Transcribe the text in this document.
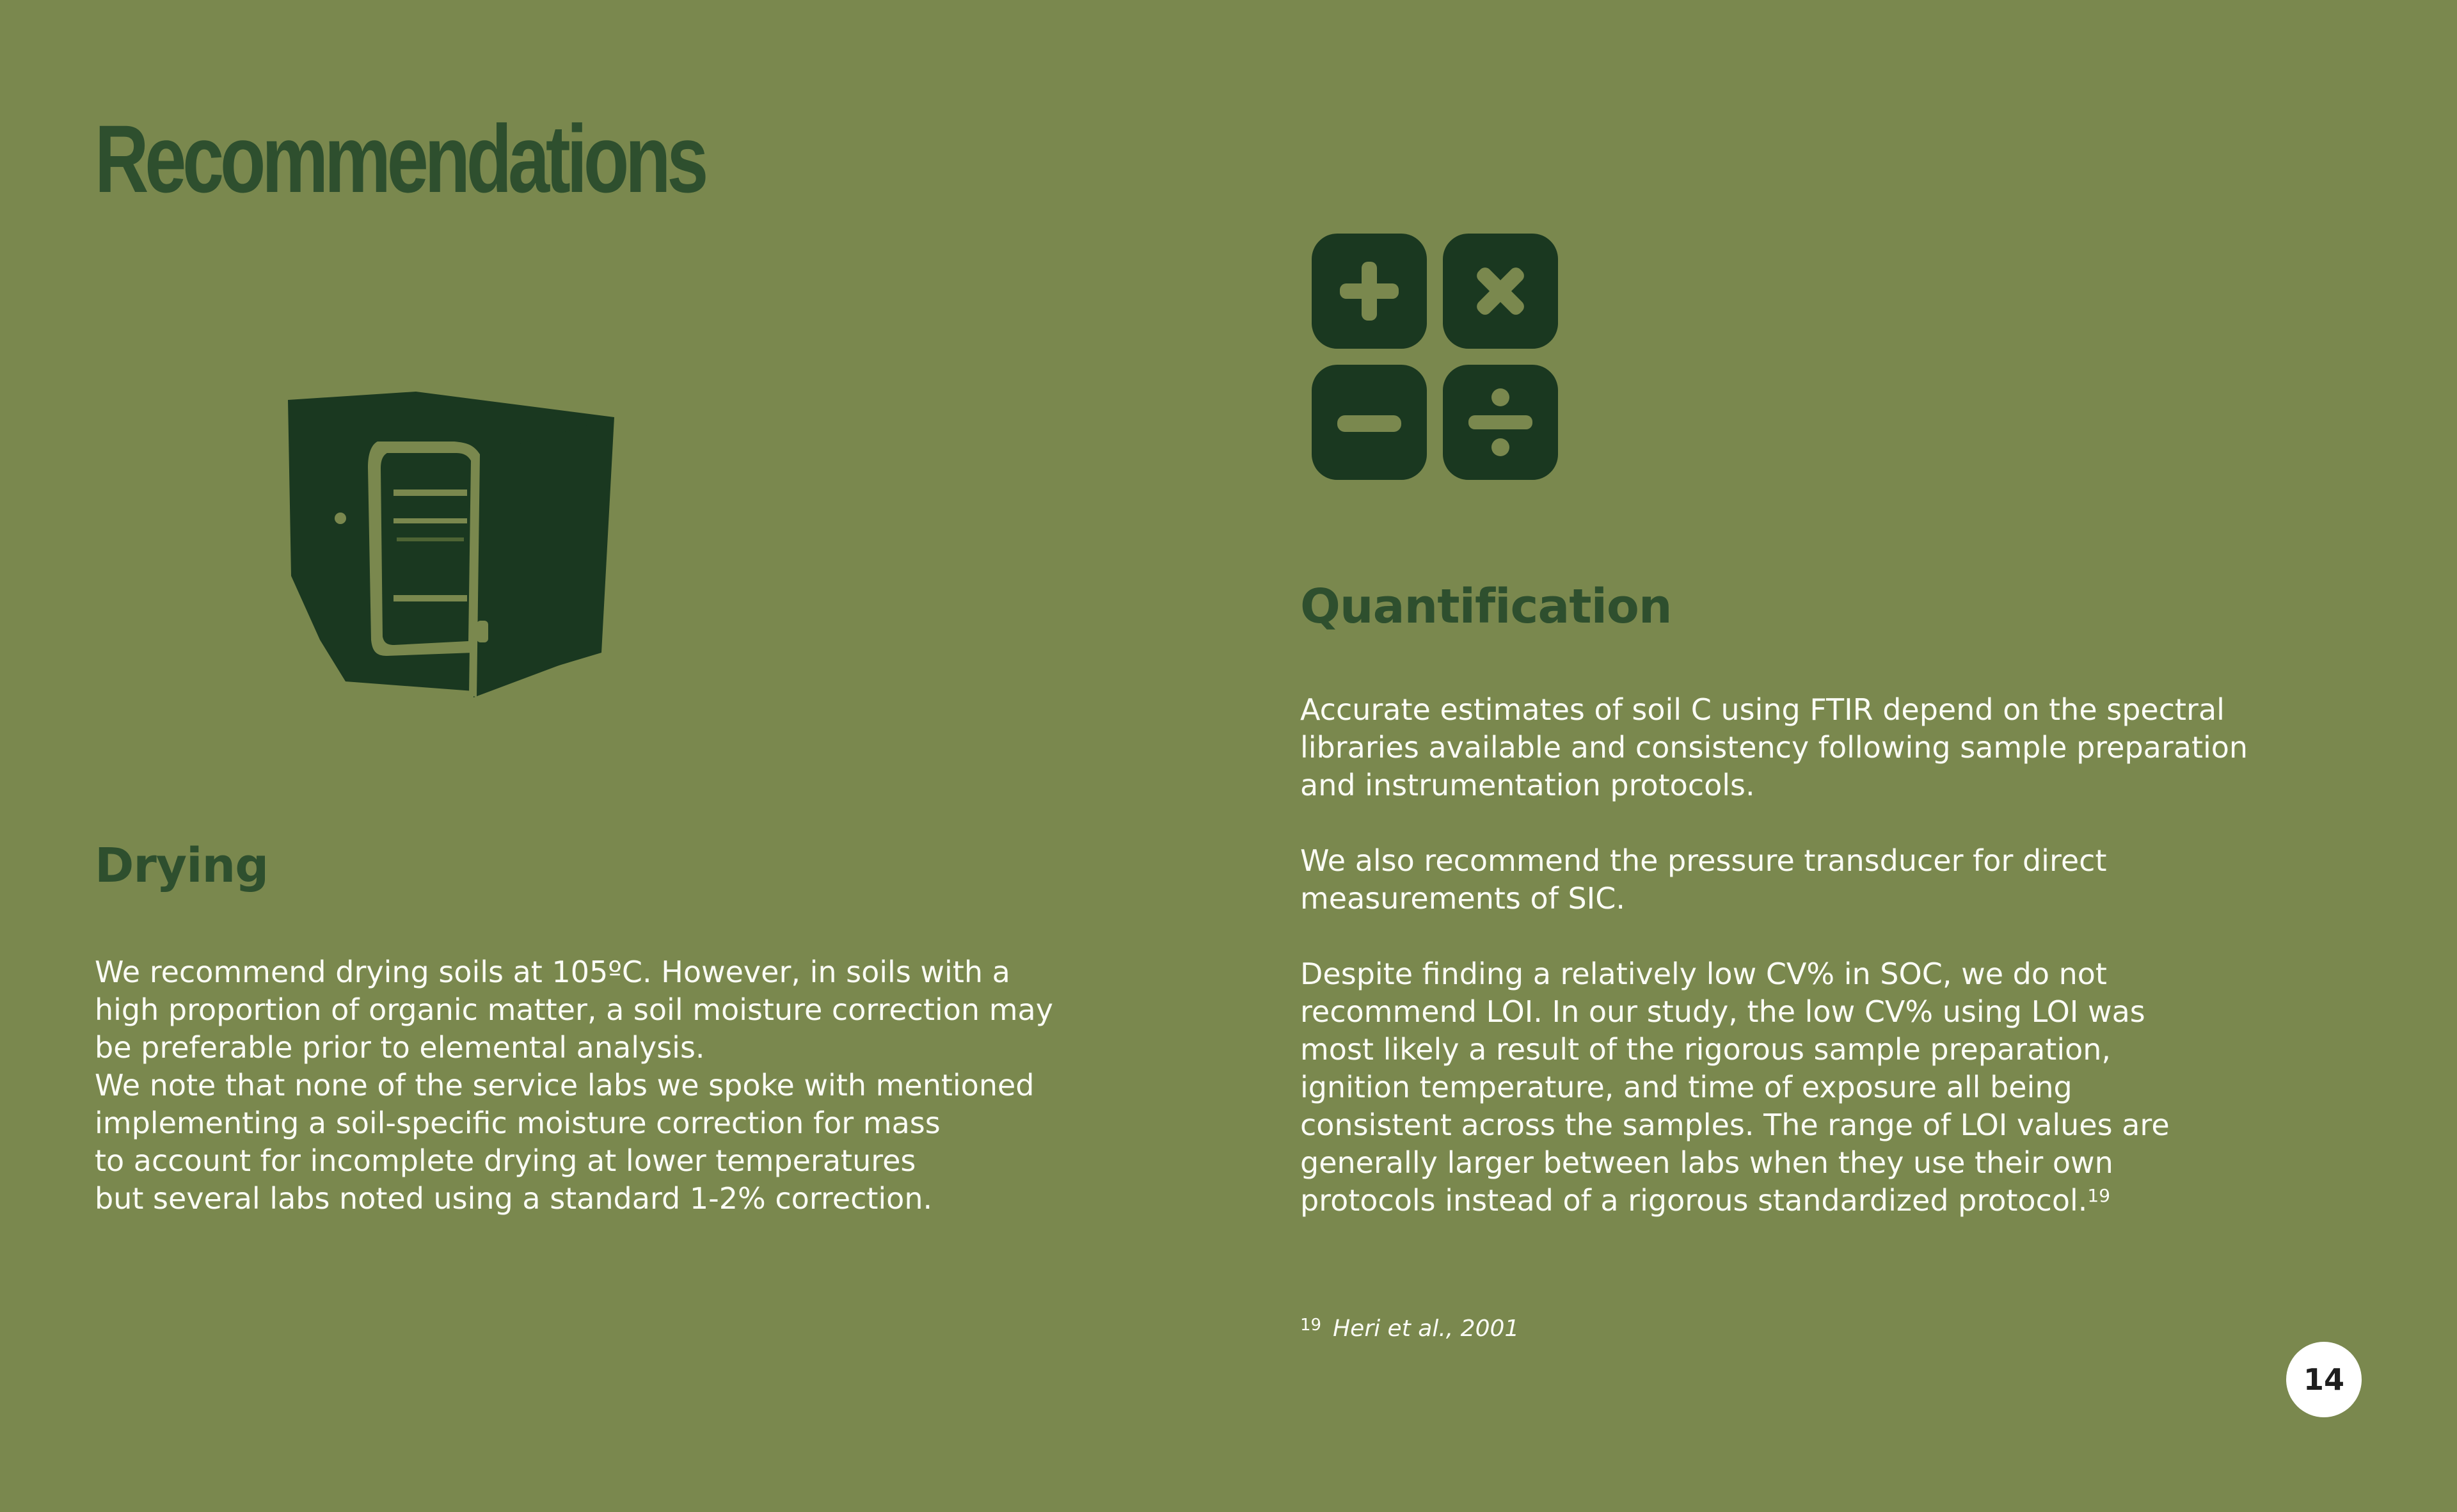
Recommendations
Drying

We recommend drying soils at 105ºC. However, in soils with a
high proportion of organic matter, a soil moisture correction may
be preferable prior to elemental analysis.
We note that none of the service labs we spoke with mentioned
implementing a soil-specific moisture correction for mass
to account for incomplete drying at lower temperatures
but several labs noted using a standard 1-2% correction.

Quantification

Accurate estimates of soil C using FTIR depend on the spectral
libraries available and consistency following sample preparation
and instrumentation protocols.

We also recommend the pressure transducer for direct
measurements of SIC.

Despite finding a relatively low CV% in SOC, we do not
recommend LOI. In our study, the low CV% using LOI was
most likely a result of the rigorous sample preparation,
ignition temperature, and time of exposure all being
consistent across the samples. The range of LOI values are
generally larger between labs when they use their own
protocols instead of a rigorous standardized protocol.$^{19}$

$^{19}$ Heri et al., 2001

14
